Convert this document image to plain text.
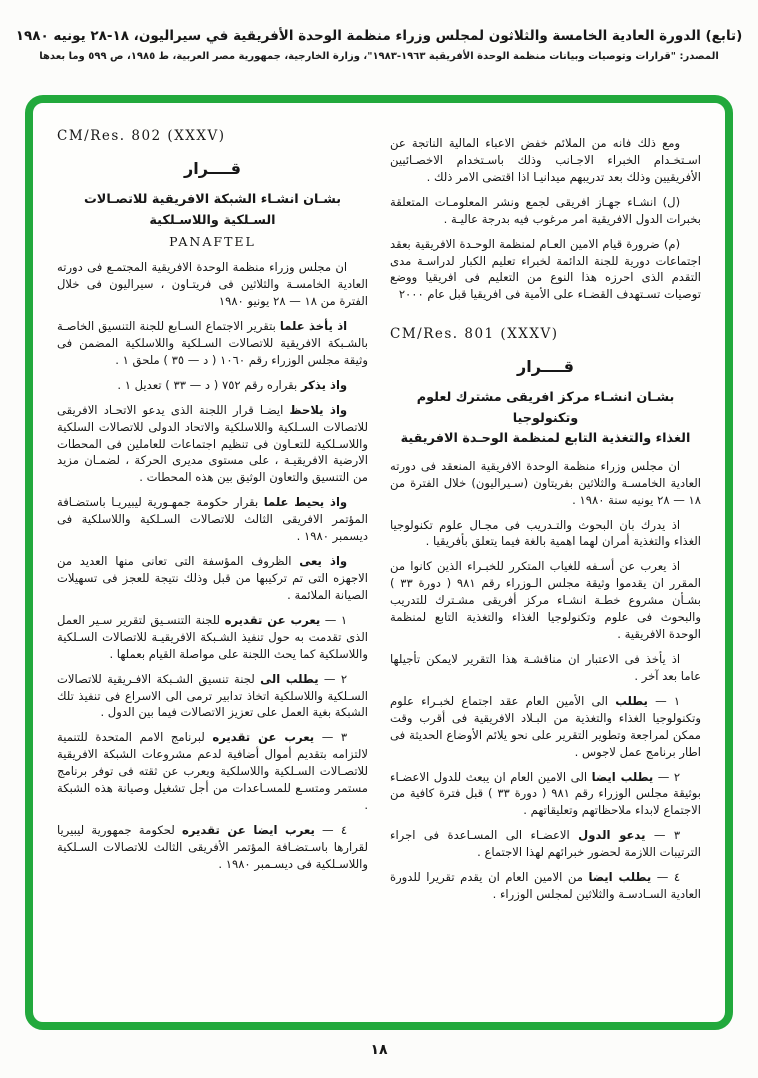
(تابع) الدورة العادية الخامسة والثلاثون لمجلس وزراء منظمة الوحدة الأفريقية في سيراليون، ١٨-٢٨ يونيه ١٩٨٠
المصدر: "قرارات وتوصيات وبيانات منظمة الوحدة الأفريقية ١٩٦٣-١٩٨٣"، وزارة الخارجية، جمهورية مصر العربية، ط ١٩٨٥، ص ٥٩٩ وما بعدها

ومع ذلك فانه من الملائم خفض الاعباء المالية الناتجة عن اسـتخـدام الخبراء الاجـانب وذلك باسـتخدام الاخصـائيين الأفريقيين وذلك بعد تدريبهم ميدانيـا اذا اقتضى الامر ذلك .

(ل) انشـاء جهـاز افريقى لجمع ونشر المعلومـات المتعلقة بخبرات الدول الافريقية امر مرغوب فيه بدرجة عاليـة .

(م) ضرورة قيام الامين العـام لمنظمة الوحـدة الافريقية بعقد اجتماعات دورية للجنة الدائمة لخبراء تعليم الكبار لدراسـة مدى التقدم الذى احرزه هذا النوع من التعليم فى افريقيا ووضع توصيات تسـتهدف القضـاء على الأمية فى افريقيا قبل عام ٢٠٠٠

CM/Res. 801 (XXXV)
قــــرار
بشـان انشـاء مركز افريقى مشترك لعلوم وتكنولوجيا
الغذاء والتغذية التابع لمنظمة الوحـدة الافريقية

ان مجلس وزراء منظمة الوحدة الافريقية المنعقد فى دورته العادية الخامسـة والثلاثين بفريتاون (سـيراليون) خلال الفترة من ١٨ — ٢٨ يونيه سنة ١٩٨٠ .

اذ يدرك بان البحوث والتـدريب فى مجـال علوم تكنولوجيا الغذاء والتغذية أمران لهما اهمية بالغة فيما يتعلق بأفريقيا .

اذ يعرب عن أسـفه للغياب المتكرر للخبـراء الذين كانوا من المقرر ان يقدموا وثيقة مجلس الـوزراء رقم ٩٨١ ( دورة ٣٣ ) بشـأن مشروع خطـة انشـاء مركز أفريقى مشـترك للتدريب والبحوث فى علوم وتكنولوجيا الغذاء والتغذية التابع لمنظمة الوحدة الافريقية .

اذ يأخذ فى الاعتبار ان مناقشـة هذا التقرير لايمكن تأجيلها عاما بعد آخر .

١ — يطلب الى الأمين العام عقد اجتماع لخبـراء علوم وتكنولوجيا الغذاء والتغذية من البـلاد الافريقية فى أقرب وقت ممكن لمراجعة وتطوير التقرير على نحو يلائم الأوضاع الحديثة فى اطار برنامج عمل لاجوس .

٢ — يطلب ايضا الى الامين العام ان يبعث للدول الاعضـاء بوثيقة مجلس الوزراء رقم ٩٨١ ( دورة ٣٣ ) قبل فترة كافية من الاجتماع لابداء ملاحظاتهم وتعليقاتهم .

٣ — يدعو الدول الاعضـاء الى المسـاعدة فى اجراء الترتيبات اللازمة لحضور خبرائهم لهذا الاجتماع .

٤ — يطلب ايضا من الامين العام ان يقدم تقريرا للدورة العادية السـادسـة والثلاثين لمجلس الوزراء .

CM/Res. 802 (XXXV)
قــــرار
بشـان انشـاء الشبكة الافريقية للاتصـالات
السـلكية واللاسـلكية
PANAFTEL

ان مجلس وزراء منظمة الوحدة الافريقية المجتمـع فى دورته العادية الخامسـة والثلاثين فى فريتـاون ، سيراليون فى خلال الفترة من ١٨ — ٢٨ يونيو ١٩٨٠

اذ يأخذ علما بتقرير الاجتماع السـابع للجنة التنسيق الخاصـة بالشـبكة الافريقية للاتصالات السـلكية واللاسلكية المضمن فى وثيقة مجلس الوزراء رقم ١٠٦٠ ( د — ٣٥ ) ملحق ١ .

واذ يذكر بقراره رقم ٧٥٢ ( د — ٣٣ ) تعديل ١ .

واذ يلاحظ ايضـا قرار اللجنة الذى يدعو الاتحـاد الافريقى للاتصالات السـلكية واللاسلكية والاتحاد الدولى للاتصالات السلكية واللاسـلكية للتعـاون فى تنظيم اجتماعات للعاملين فى المحطات الارضية الافريقيـة ، على مستوى مديرى الحركة ، لضمـان مزيد من التنسيق والتعاون الوثيق بين هذه المحطات .

واذ يحيط علما بقرار حكومة جمهـورية ليبيريـا باستضـافة المؤتمر الافريقى الثالث للاتصالات السـلكية واللاسلكية فى ديسمبر ١٩٨٠ .

واذ يعى الظروف المؤسفة التى تعانى منها العديد من الاجهزه التى تم تركيبها من قبل وذلك نتيجة للعجز فى تسهيلات الصيانة الملائمة .

١ — يعرب عن تقديره للجنة التنسـيق لتقرير سـير العمل الذى تقدمت به حول تنفيذ الشـبكة الافريقيـة للاتصالات السـلكية واللاسلكية كما يحث اللجنة على مواصلة القيام بعملها .

٢ — يطلب الى لجنة تنسيق الشـبكة الافـريقية للاتصالات السـلكية واللاسلكية اتخاذ تدابير ترمى الى الاسراع فى تنفيذ تلك الشبكة بغية العمل على تعزيز الاتصالات فيما بين الدول .

٣ — يعرب عن تقديره لبرنامج الامم المتحدة للتنمية لالتزامه بتقديم أموال أضافية لدعم مشروعات الشبكة الافريقية للاتصـالات السـلكية واللاسلكية ويعرب عن ثقته فى توفر برنامج مستمر ومتسـع للمسـاعدات من أجل تشغيل وصيانة هذه الشبكة .

٤ — يعرب ايضا عن تقديره لحكومة جمهورية ليبيريا لقرارها باسـتضـافة المؤتمر الأفريقى الثالث للاتصالات السـلكية واللاسـلكية فى ديسـمبر ١٩٨٠ .

١٨
